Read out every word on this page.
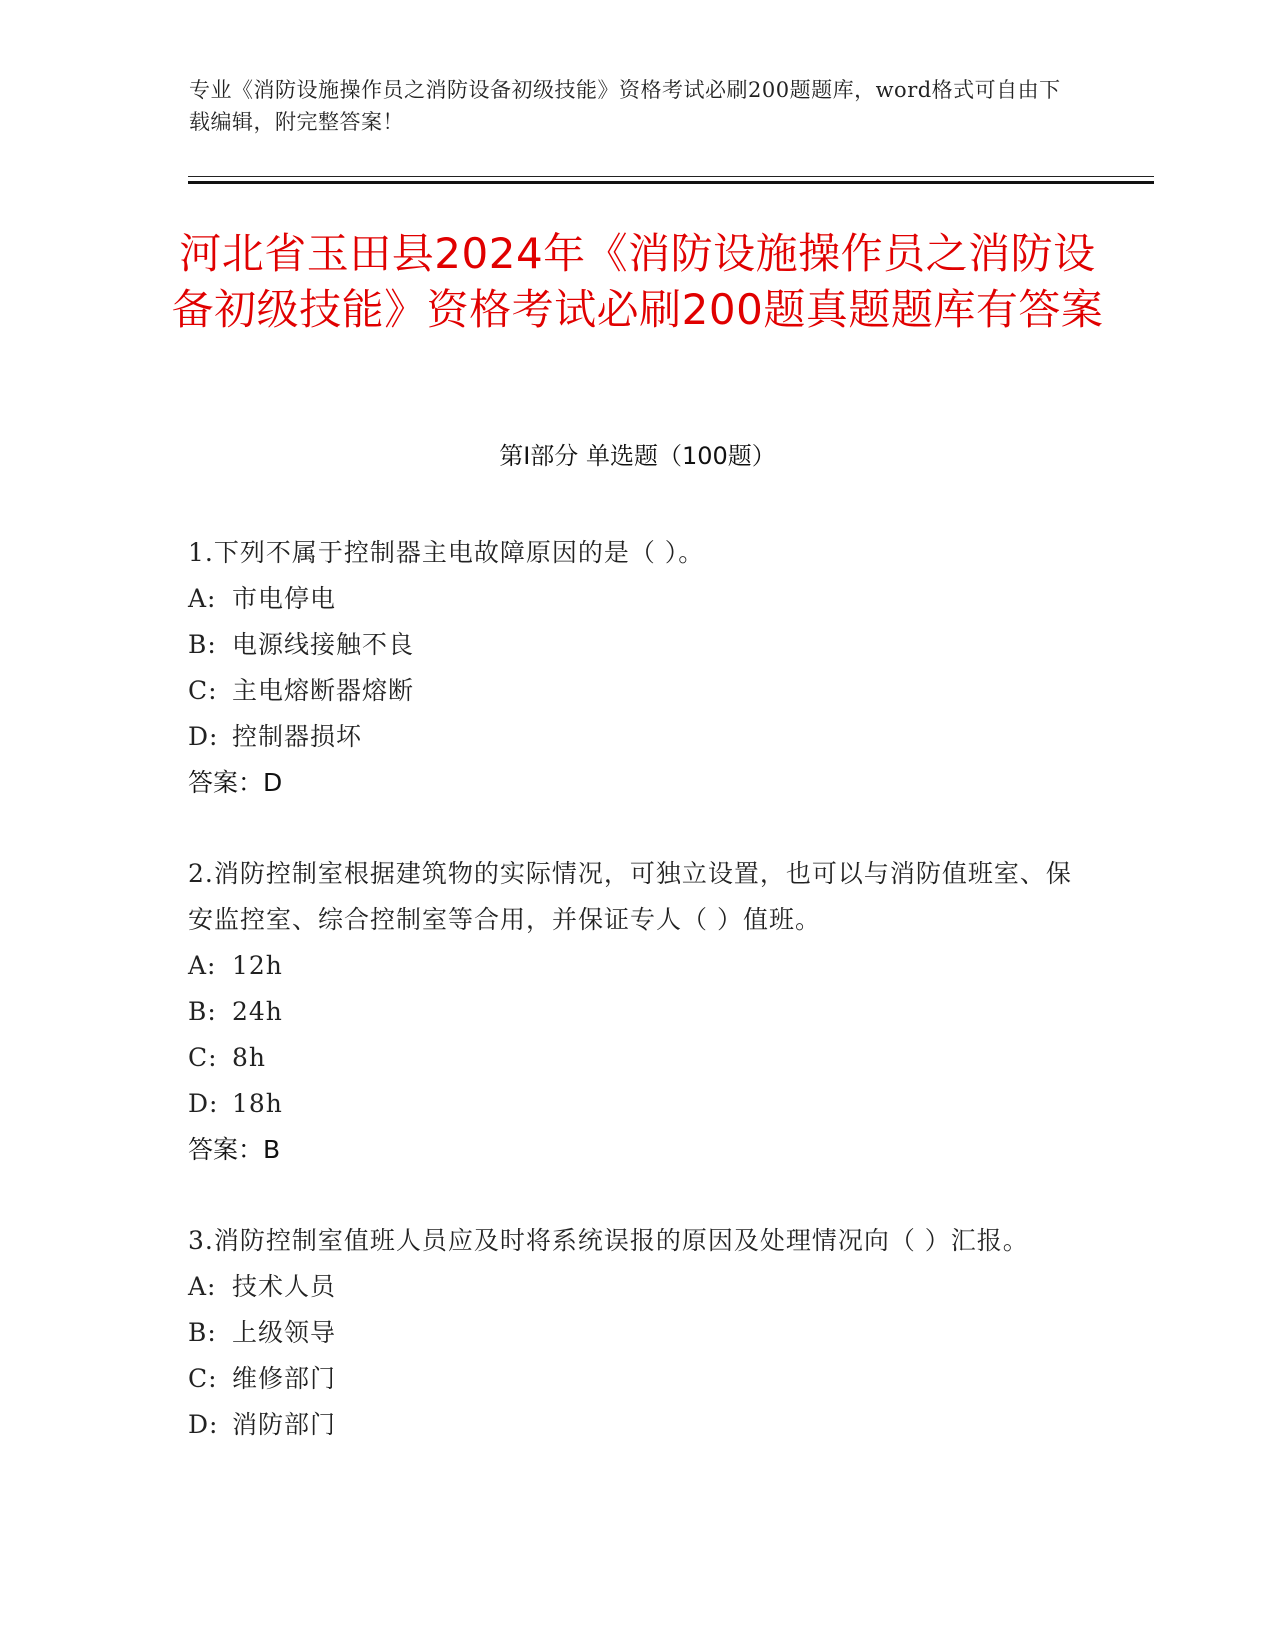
专业《消防设施操作员之消防设备初级技能》资格考试必刷200题题库，word格式可自由下载编辑，附完整答案！
河北省玉田县2024年《消防设施操作员之消防设备初级技能》资格考试必刷200题真题题库有答案
第Ⅰ部分 单选题（100题）

1.下列不属于控制器主电故障原因的是（ ）。

A: 市电停电
B: 电源线接触不良
C: 主电熔断器熔断
D: 控制器损坏

答案：D

2.消防控制室根据建筑物的实际情况，可独立设置，也可以与消防值班室、保安监控室、综合控制室等合用，并保证专人（ ）值班。

A: 12h
B: 24h
C: 8h
D: 18h

答案：B

3.消防控制室值班人员应及时将系统误报的原因及处理情况向（ ）汇报。

A: 技术人员
B: 上级领导
C: 维修部门
D: 消防部门
